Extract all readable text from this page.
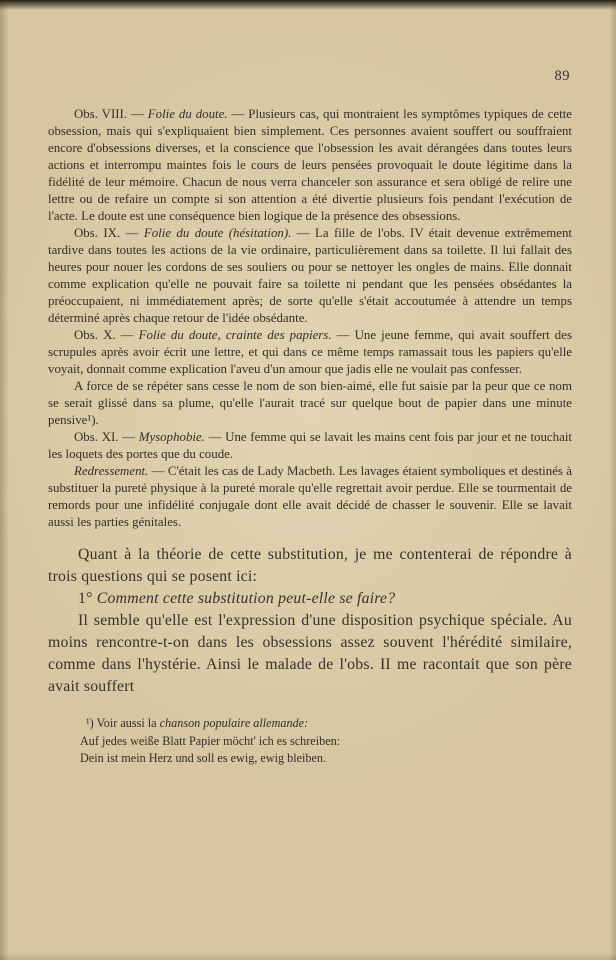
89

Obs. VIII. — Folie du doute. — Plusieurs cas, qui montraient les symptômes typiques de cette obsession, mais qui s'expliquaient bien simplement. Ces personnes avaient souffert ou souffraient encore d'obsessions diverses, et la conscience que l'obsession les avait dérangées dans toutes leurs actions et interrompu maintes fois le cours de leurs pensées provoquait le doute légitime dans la fidélité de leur mémoire. Chacun de nous verra chanceler son assurance et sera obligé de relire une lettre ou de refaire un compte si son attention a été divertie plusieurs fois pendant l'exécution de l'acte. Le doute est une conséquence bien logique de la présence des obsessions.

Obs. IX. — Folie du doute (hésitation). — La fille de l'obs. IV était devenue extrêmement tardive dans toutes les actions de la vie ordinaire, particulièrement dans sa toilette. Il lui fallait des heures pour nouer les cordons de ses souliers ou pour se nettoyer les ongles de mains. Elle donnait comme explication qu'elle ne pouvait faire sa toilette ni pendant que les pensées obsédantes la préoccupaient, ni immédiatement après; de sorte qu'elle s'était accoutumée à attendre un temps déterminé après chaque retour de l'idée obsédante.

Obs. X. — Folie du doute, crainte des papiers. — Une jeune femme, qui avait souffert des scrupules après avoir écrit une lettre, et qui dans ce même temps ramassait tous les papiers qu'elle voyait, donnait comme explication l'aveu d'un amour que jadis elle ne voulait pas confesser.

A force de se répéter sans cesse le nom de son bien-aimé, elle fut saisie par la peur que ce nom se serait glissé dans sa plume, qu'elle l'aurait tracé sur quelque bout de papier dans une minute pensive¹).

Obs. XI. — Mysophobie. — Une femme qui se lavait les mains cent fois par jour et ne touchait les loquets des portes que du coude.

Redressement. — C'était les cas de Lady Macbeth. Les lavages étaient symboliques et destinés à substituer la pureté physique à la pureté morale qu'elle regrettait avoir perdue. Elle se tourmentait de remords pour une infidélité conjugale dont elle avait décidé de chasser le souvenir. Elle se lavait aussi les parties génitales.

Quant à la théorie de cette substitution, je me contenterai de répondre à trois questions qui se posent ici:

1° Comment cette substitution peut-elle se faire?

Il semble qu'elle est l'expression d'une disposition psychique spéciale. Au moins rencontre-t-on dans les obsessions assez souvent l'hérédité similaire, comme dans l'hystérie. Ainsi le malade de l'obs. II me racontait que son père avait souffert

¹) Voir aussi la chanson populaire allemande:
Auf jedes weiße Blatt Papier möcht' ich es schreiben:
Dein ist mein Herz und soll es ewig, ewig bleiben.
